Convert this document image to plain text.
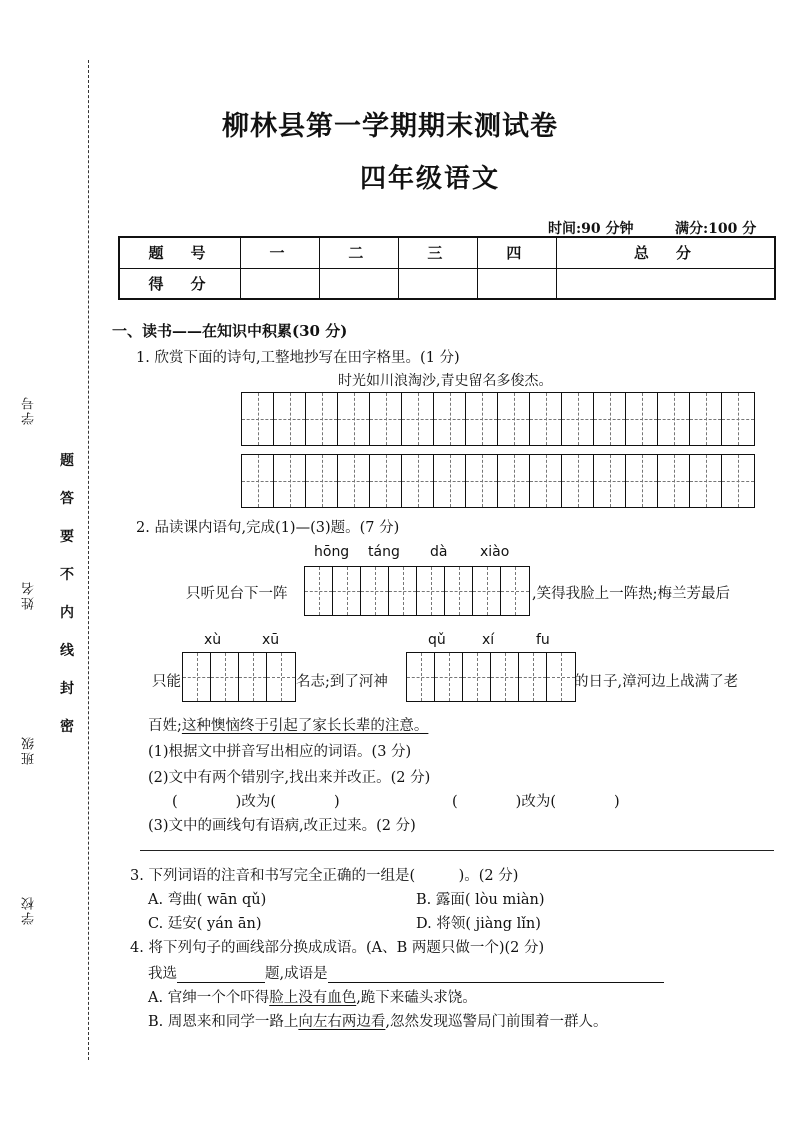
学校
班级
姓名
学号
题
答
要
不
内
线
封
密
柳林县第一学期期末测试卷
四年级语文
时间:90 分钟	满分:100 分
题　号	一	二	三	四	总　分
得　分					
一、读书——在知识中积累(30 分)
1. 欣赏下面的诗句,工整地抄写在田字格里。(1 分)
时光如川浪淘沙,青史留名多俊杰。
2. 品读课内语句,完成(1)—(3)题。(7 分)
hōng táng dà xiào
只听见台下一阵	,笑得我脸上一阵热;梅兰芳最后
xù	xū	qǔ	xí	fu
只能	名志;到了河神	的日子,漳河边上战满了老
百姓;这种懊恼终于引起了家长长辈的注意。
(1)根据文中拼音写出相应的词语。(3 分)
(2)文中有两个错别字,找出来并改正。(2 分)
(　　　　)改为(　　　　)	(　　　　)改为(　　　　)
(3)文中的画线句有语病,改正过来。(2 分)
3. 下列词语的注音和书写完全正确的一组是(　　　)。(2 分)
A. 弯曲( wān qǔ)	B. 露面( lòu miàn)
C. 廷安( yán ān)	D. 将领( jiàng lǐn)
4. 将下列句子的画线部分换成成语。(A、B 两题只做一个)(2 分)
我选	题,成语是
A. 官绅一个个吓得脸上没有血色,跪下来磕头求饶。
B. 周恩来和同学一路上向左右两边看,忽然发现巡警局门前围着一群人。
